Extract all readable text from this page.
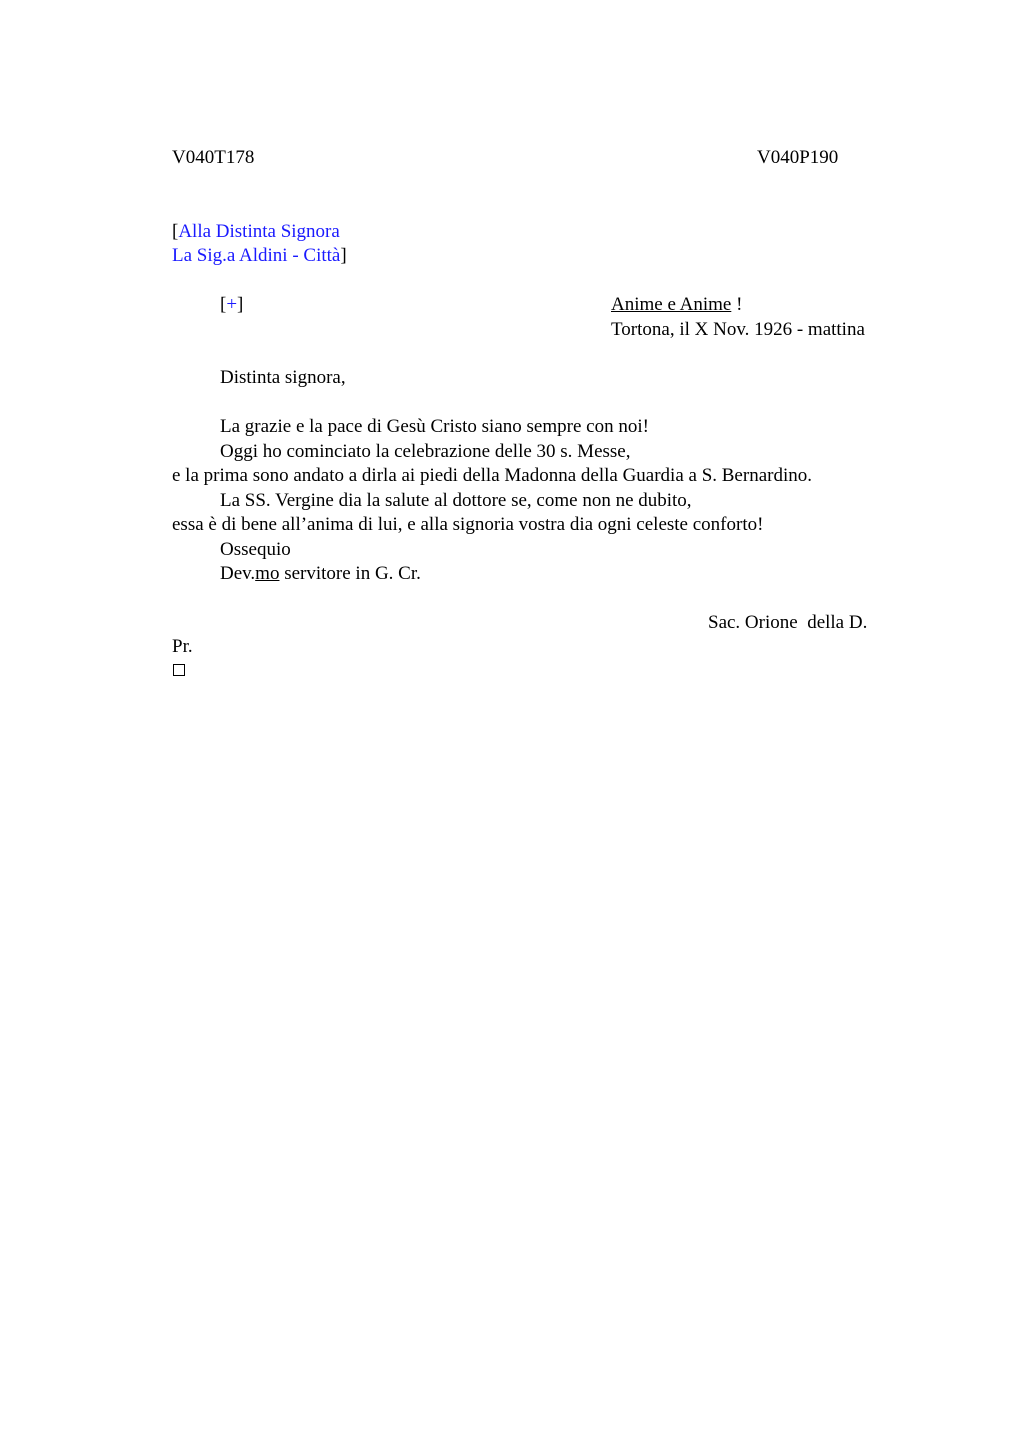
V040T178	V040P190
[Alla Distinta Signora
La Sig.a Aldini - Città]
[+]	Anime e Anime !
Tortona, il X Nov. 1926 - mattina
Distinta signora,
La grazie e la pace di Gesù Cristo siano sempre con noi!
Oggi ho cominciato la celebrazione delle 30 s. Messe,
e la prima sono andato a dirla ai piedi della Madonna della Guardia a S. Bernardino.
La SS. Vergine dia la salute al dottore se, come non ne dubito,
essa è di bene all’anima di lui, e alla signoria vostra dia ogni celeste conforto!
Ossequio
Dev.mo servitore in G. Cr.
Sac. Orione  della D.
Pr.
